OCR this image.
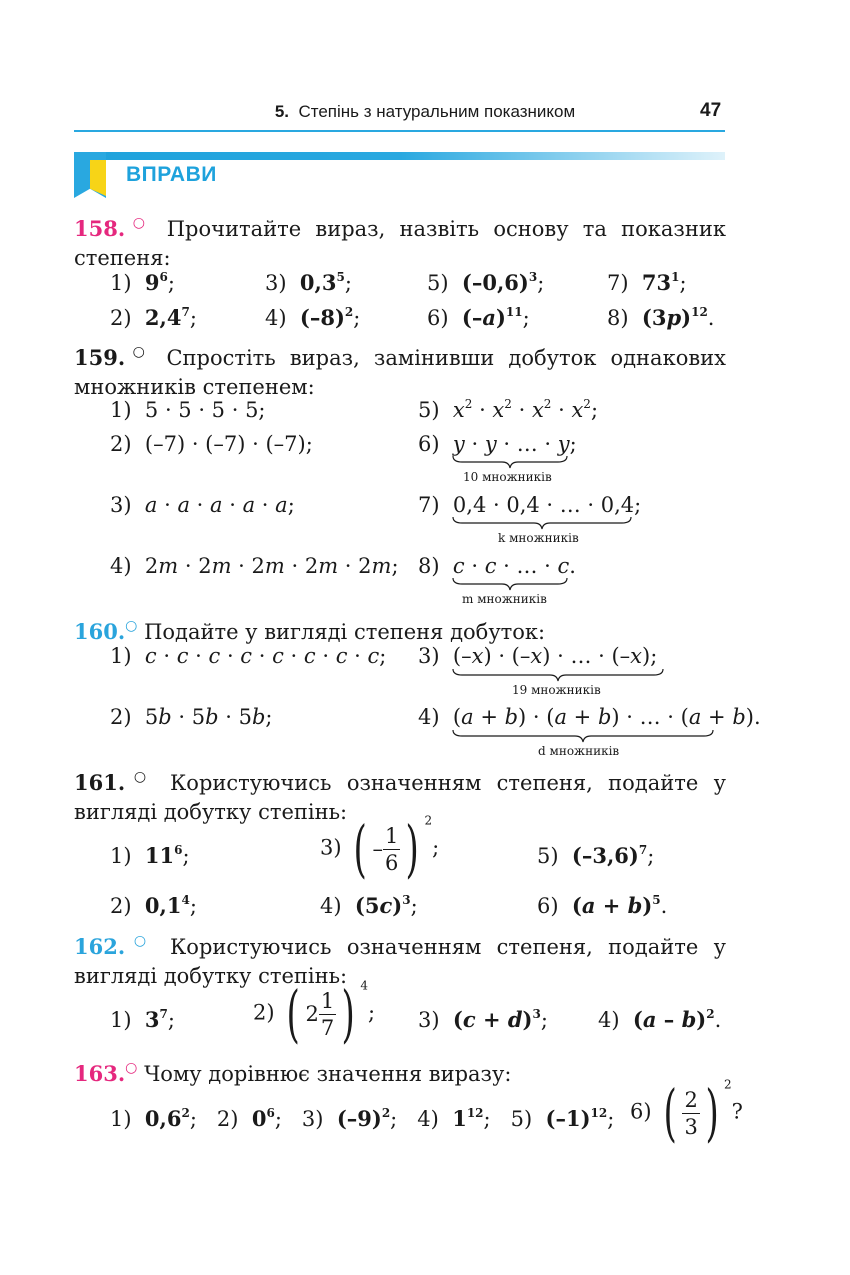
5. Степінь з натуральним показником	47
ВПРАВИ
158.○ Прочитайте вираз, назвіть основу та показник степеня:
1)  $9^6$;	3)  $0,3^5$;	5)  $(-0,6)^3$;	7)  $73^1$;
2)  $2,4^7$;	4)  $(-8)^2$;	6)  $(-a)^{11}$;	8)  $(3p)^{12}$.
159.○ Спростіть вираз, замінивши добуток однакових множників степенем:
1)  5 · 5 · 5 · 5;	5)  $x^2 \cdot x^2 \cdot x^2 \cdot x^2$;
2)  (–7) · (–7) · (–7);	6)  y · y · … · y;
10 множників
3)  a · a · a · a · a;	7)  0,4 · 0,4 · … · 0,4;
k множників
4)  2m · 2m · 2m · 2m · 2m; 8)  c · c · … · c.
m множників
160.○ Подайте у вигляді степеня добуток:
1)  c · c · c · c · c · c · c · c; 3)  (–x) · (–x) · … · (–x);
19 множників
2)  5b · 5b · 5b;	4)  (a + b) · (a + b) · … · (a + b).
d множників
161.○ Користуючись означенням степеня, подайте у вигляді добутку степінь:
1)  $11^6$;	3) ( – $\frac{1}{6}$ ) $^2$;	5)  $(-3,6)^7$;
2)  $0,1^4$;	4)  $(5c)^3$;	6)  $(a + b)^5$.
162.○ Користуючись означенням степеня, подайте у вигляді добутку степінь:
1)  $3^7$;	2) ( $2 \frac{1}{7}$ ) $^4$; 3)  $(c + d)^3$; 4)  (a – b)$^2$.
163.○ Чому дорівнює значення виразу:
1)  $0,6^2$;   2)  $0^6$;   3)  $(-9)^2$;   4)  $1^{12}$;   5)  $(-1)^{12}$; 6) ( $\frac{2}{3}$ ) $^2$?
